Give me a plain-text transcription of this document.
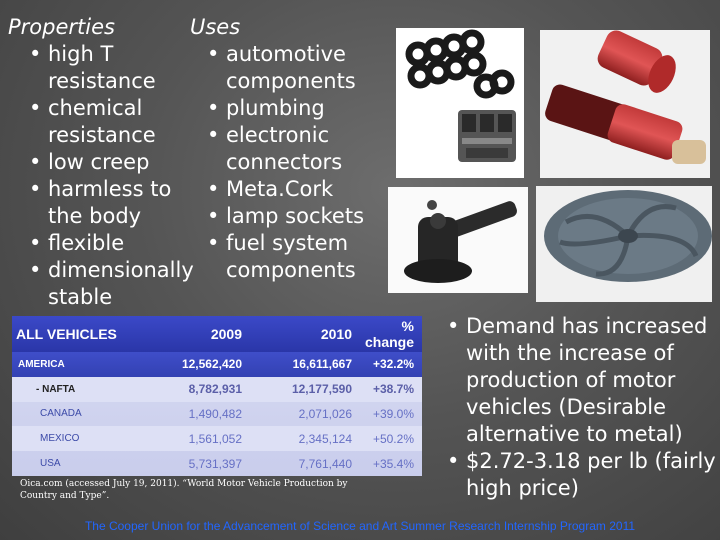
Properties
• high T resistance
• chemical resistance
• low creep
• harmless to the body
• flexible
• dimensionally stable
Uses
• automotive components
• plumbing
• electronic connectors
• Meta.Cork
• lamp sockets
• fuel system components
ALL VEHICLES	2009	2010	% change
AMERICA	12,562,420	16,611,667	+32.2%
- NAFTA	8,782,931	12,177,590	+38.7%
CANADA	1,490,482	2,071,026	+39.0%
MEXICO	1,561,052	2,345,124	+50.2%
USA	5,731,397	7,761,440	+35.4%
Oica.com (accessed July 19, 2011). “World Motor Vehicle Production by Country and Type”.
• Demand has increased with the increase of production of motor vehicles (Desirable alternative to metal)
• $2.72-3.18 per lb (fairly high price)
The Cooper Union for the Advancement of Science and Art Summer Research Internship Program 2011
